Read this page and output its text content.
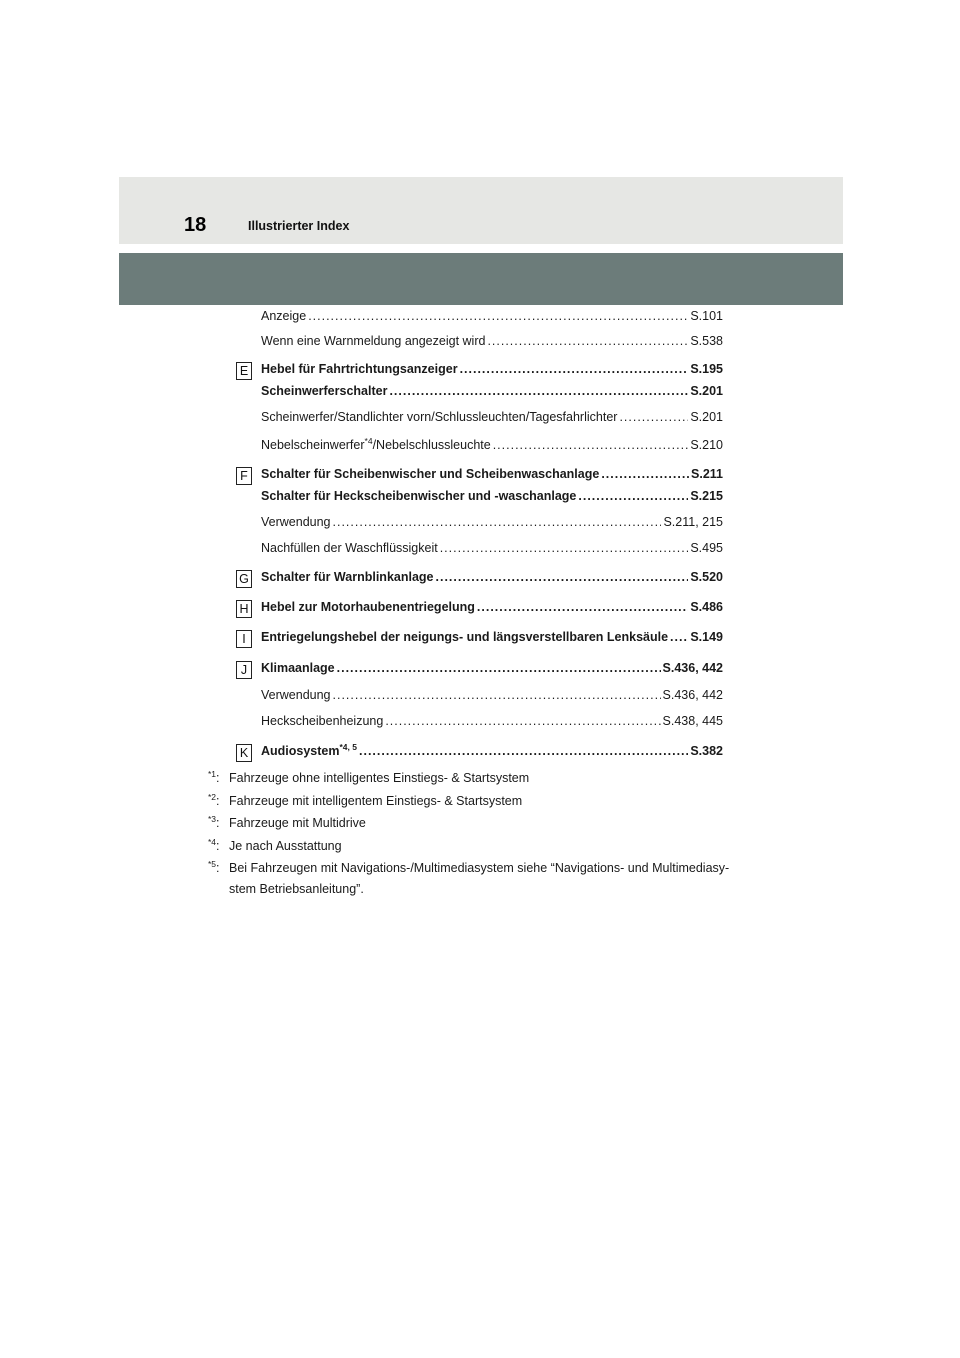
18	Illustrierter Index
Anzeige .....	S.101
Wenn eine Warnmeldung angezeigt wird .....	S.538
Hebel für Fahrtrichtungsanzeiger .....	S.195
E
Scheinwerferschalter .....	S.201
Scheinwerfer/Standlichter vorn/Schlussleuchten/Tagesfahrlichter .....	S.201
Nebelscheinwerfer$^{*4}$/Nebelschlussleuchte .....	S.210
Schalter für Scheibenwischer und Scheibenwaschanlage .....	S.211
F
Schalter für Heckscheibenwischer und -waschanlage .....	S.215
Verwendung .....	S.211, 215
Nachfüllen der Waschflüssigkeit .....	S.495
Schalter für Warnblinkanlage .....	S.520
G
Hebel zur Motorhaubenentriegelung .....	S.486
H
Entriegelungshebel der neigungs- und längsverstellbaren Lenksäule ..... S.149
I
Klimaanlage .....	S.436, 442
J
Verwendung .....	S.436, 442
Heckscheibenheizung .....	S.438, 445
Audiosystem$^{*4, 5}$ .....	S.382
K
$^{*1}$: Fahrzeuge ohne intelligentes Einstiegs- & Startsystem
$^{*2}$: Fahrzeuge mit intelligentem Einstiegs- & Startsystem
$^{*3}$: Fahrzeuge mit Multidrive
$^{*4}$: Je nach Ausstattung
$^{*5}$: Bei Fahrzeugen mit Navigations-/Multimediasystem siehe “Navigations- und Multimediasy-
stem Betriebsanleitung”.
